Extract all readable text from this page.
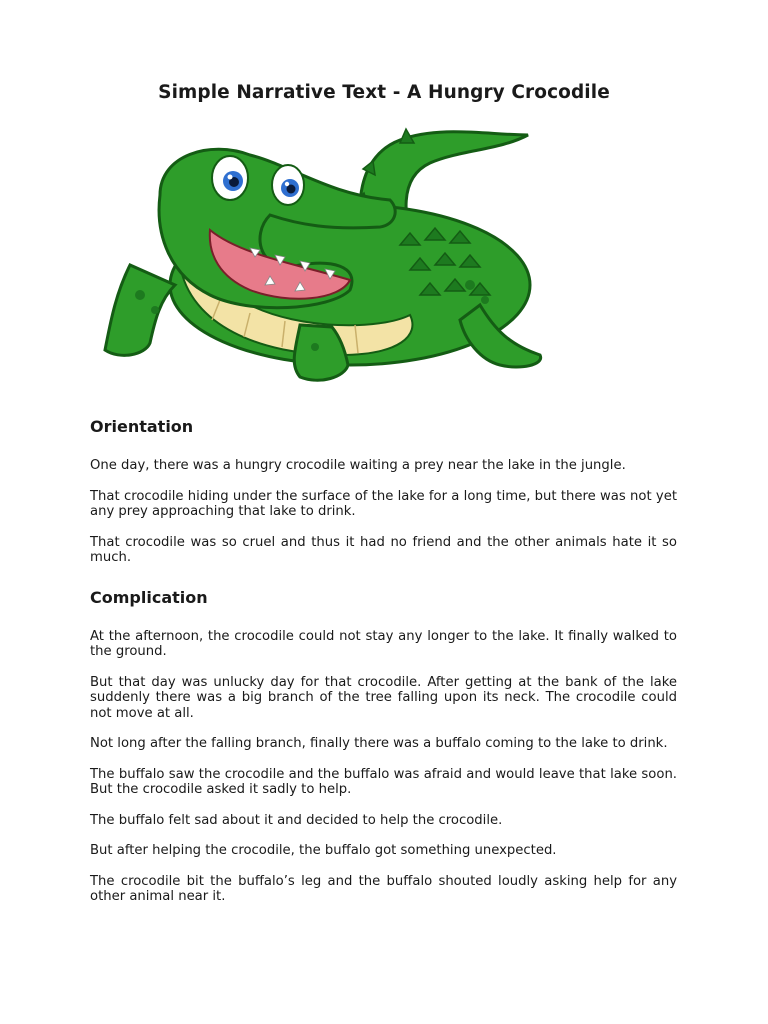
Simple Narrative Text - A Hungry Crocodile
Orientation

One day, there was a hungry crocodile waiting a prey near the lake in the jungle.

That crocodile hiding under the surface of the lake for a long time, but there was not yet any prey approaching that lake to drink.

That crocodile was so cruel and thus it had no friend and the other animals hate it so much.

Complication

At the afternoon, the crocodile could not stay any longer to the lake. It finally walked to the ground.

But that day was unlucky day for that crocodile. After getting at the bank of the lake suddenly there was a big branch of the tree falling upon its neck. The crocodile could not move at all.

Not long after the falling branch, finally there was a buffalo coming to the lake to drink.

The buffalo saw the crocodile and the buffalo was afraid and would leave that lake soon. But the crocodile asked it sadly to help.

The buffalo felt sad about it and decided to help the crocodile.

But after helping the crocodile, the buffalo got something unexpected.

The crocodile bit the buffalo’s leg and the buffalo shouted loudly asking help for any other animal near it.
